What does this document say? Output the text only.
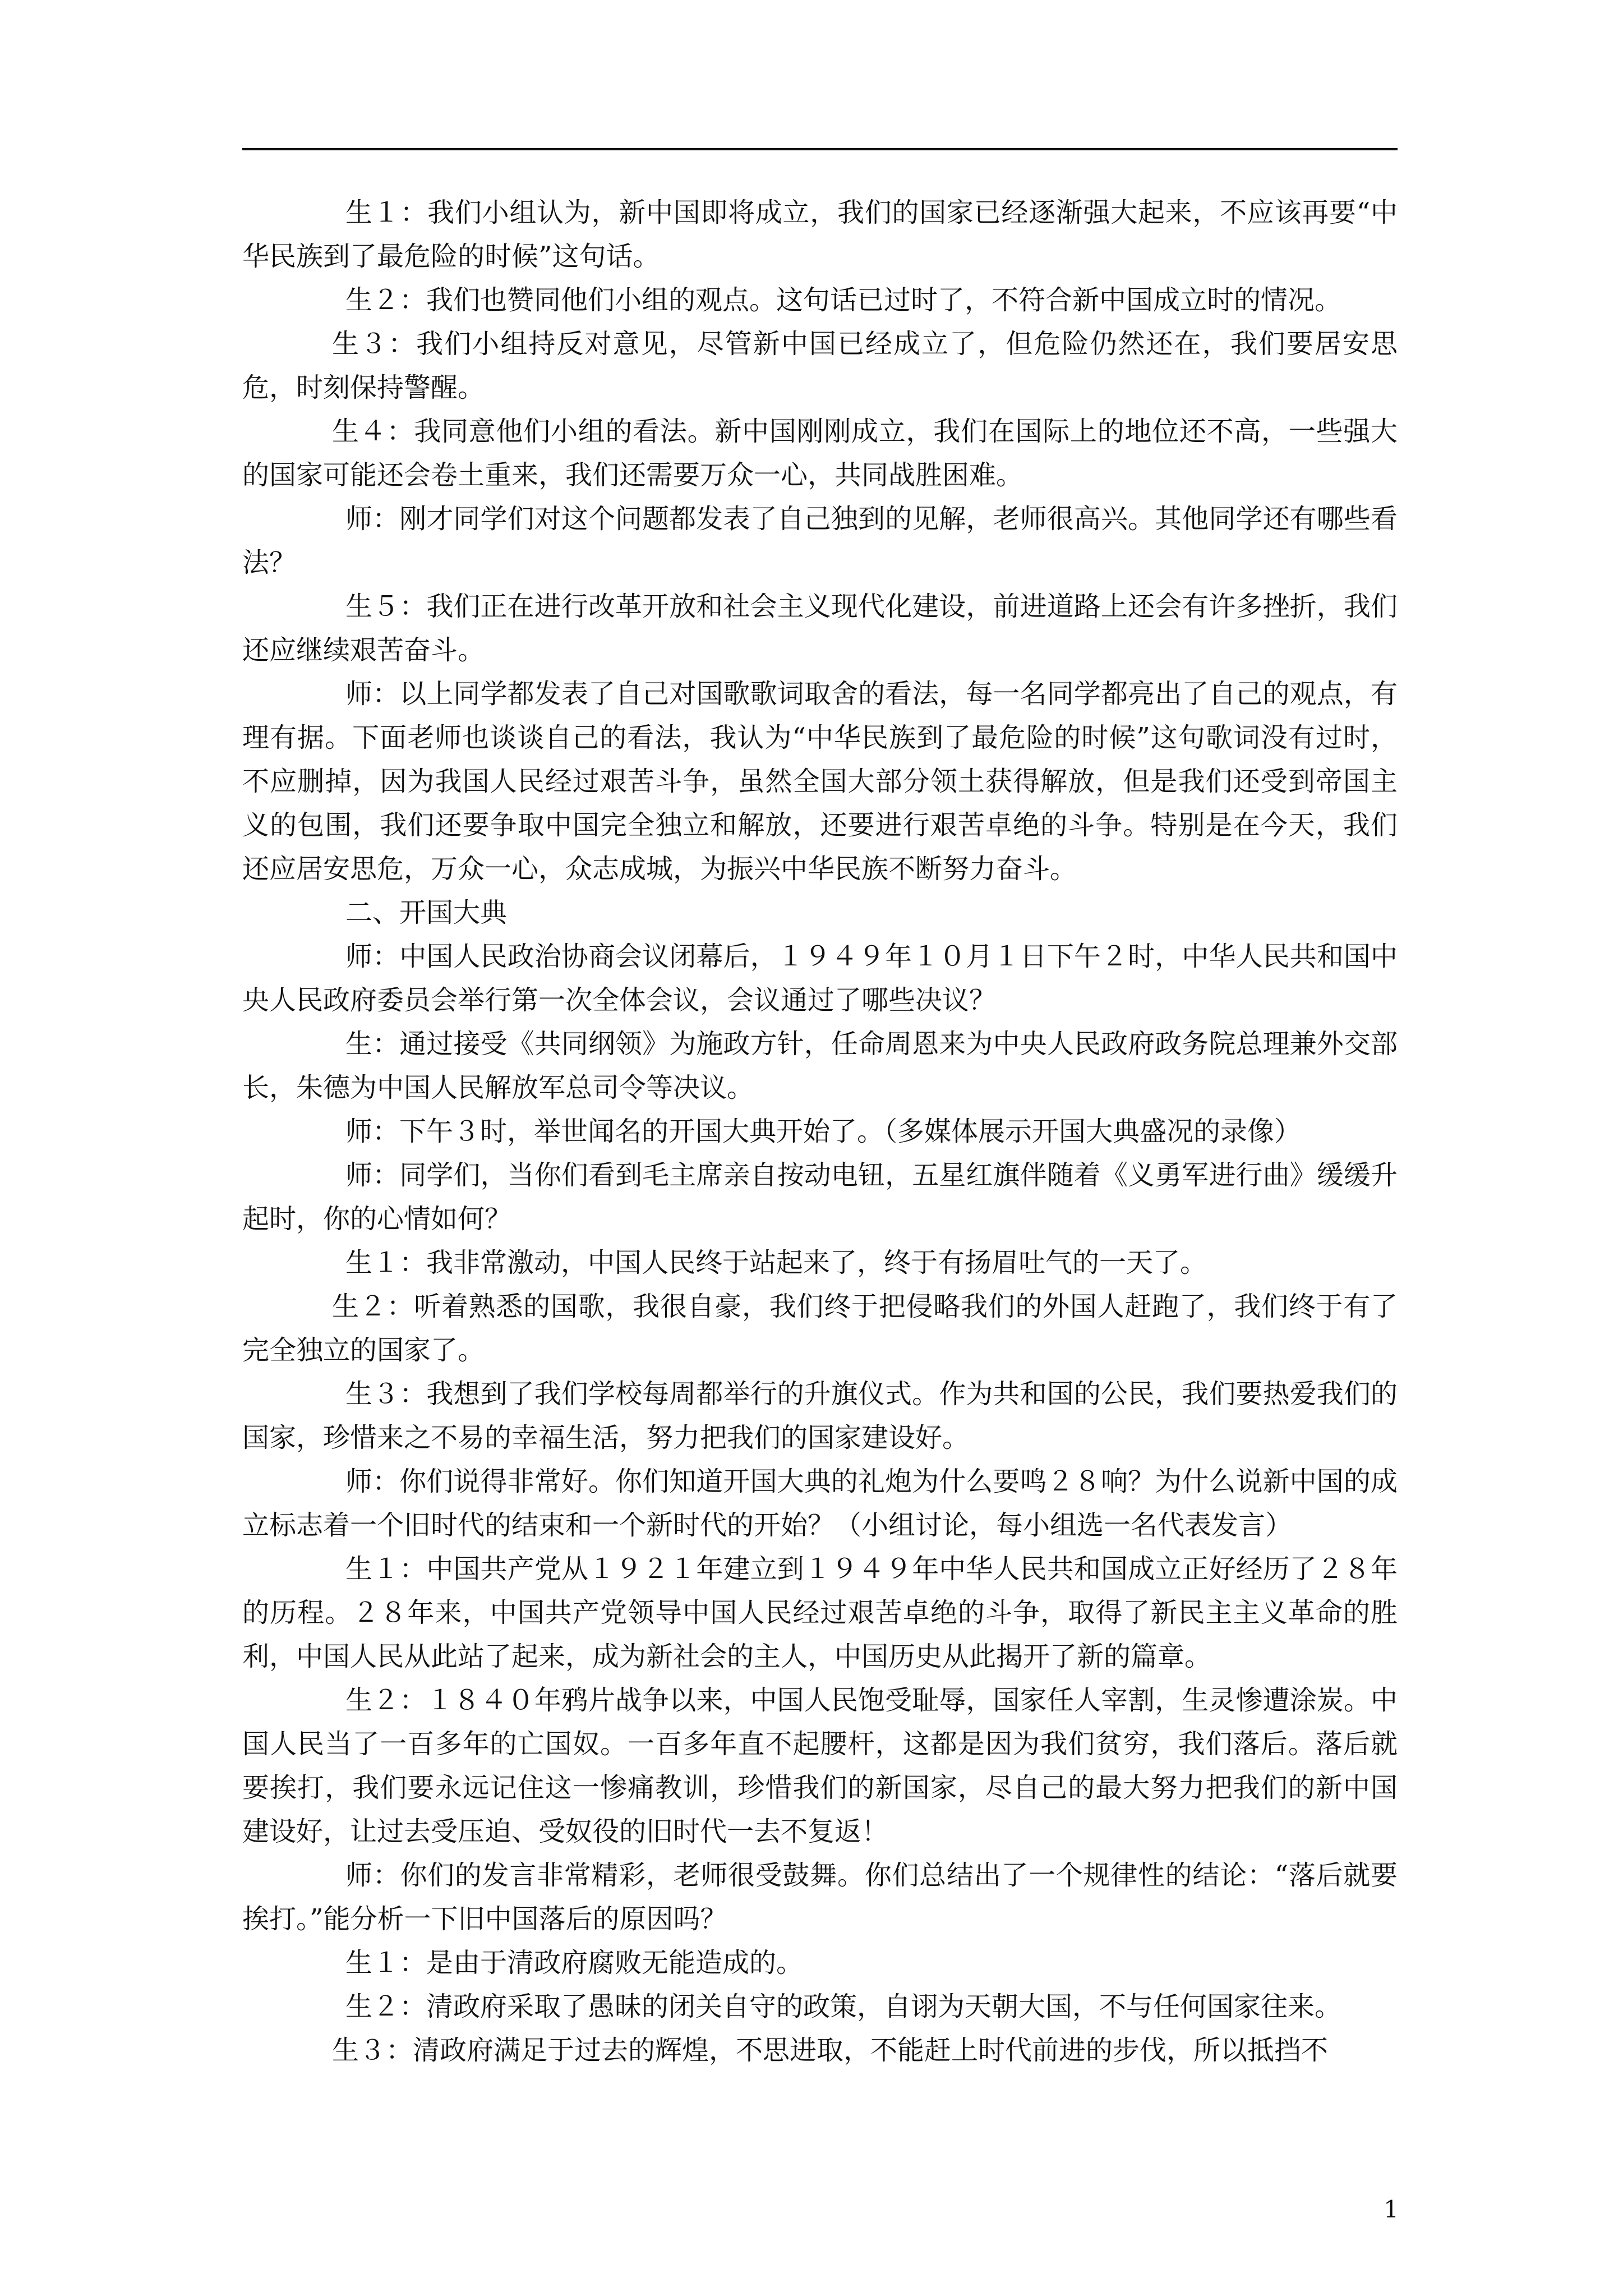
生１：我们小组认为，新中国即将成立，我们的国家已经逐渐强大起来，不应该再要“中华民族到了最危险的时候”这句话。

生２：我们也赞同他们小组的观点。这句话已过时了，不符合新中国成立时的情况。

生３：我们小组持反对意见，尽管新中国已经成立了，但危险仍然还在，我们要居安思危，时刻保持警醒。

生４：我同意他们小组的看法。新中国刚刚成立，我们在国际上的地位还不高，一些强大的国家可能还会卷土重来，我们还需要万众一心，共同战胜困难。

师：刚才同学们对这个问题都发表了自己独到的见解，老师很高兴。其他同学还有哪些看法？

生５：我们正在进行改革开放和社会主义现代化建设，前进道路上还会有许多挫折，我们还应继续艰苦奋斗。

师：以上同学都发表了自己对国歌歌词取舍的看法，每一名同学都亮出了自己的观点，有理有据。下面老师也谈谈自己的看法，我认为“中华民族到了最危险的时候”这句歌词没有过时，不应删掉，因为我国人民经过艰苦斗争，虽然全国大部分领土获得解放，但是我们还受到帝国主义的包围，我们还要争取中国完全独立和解放，还要进行艰苦卓绝的斗争。特别是在今天，我们还应居安思危，万众一心，众志成城，为振兴中华民族不断努力奋斗。

二、开国大典

师：中国人民政治协商会议闭幕后，１９４９年１０月１日下午２时，中华人民共和国中央人民政府委员会举行第一次全体会议，会议通过了哪些决议？

生：通过接受《共同纲领》为施政方针，任命周恩来为中央人民政府政务院总理兼外交部长，朱德为中国人民解放军总司令等决议。

师：下午３时，举世闻名的开国大典开始了。（多媒体展示开国大典盛况的录像）

师：同学们，当你们看到毛主席亲自按动电钮，五星红旗伴随着《义勇军进行曲》缓缓升起时，你的心情如何？

生１：我非常激动，中国人民终于站起来了，终于有扬眉吐气的一天了。

生２：听着熟悉的国歌，我很自豪，我们终于把侵略我们的外国人赶跑了，我们终于有了完全独立的国家了。

生３：我想到了我们学校每周都举行的升旗仪式。作为共和国的公民，我们要热爱我们的国家，珍惜来之不易的幸福生活，努力把我们的国家建设好。

师：你们说得非常好。你们知道开国大典的礼炮为什么要鸣２８响？为什么说新中国的成立标志着一个旧时代的结束和一个新时代的开始？（小组讨论，每小组选一名代表发言）

生１：中国共产党从１９２１年建立到１９４９年中华人民共和国成立正好经历了２８年的历程。２８年来，中国共产党领导中国人民经过艰苦卓绝的斗争，取得了新民主主义革命的胜利，中国人民从此站了起来，成为新社会的主人，中国历史从此揭开了新的篇章。

生２：１８４０年鸦片战争以来，中国人民饱受耻辱，国家任人宰割，生灵惨遭涂炭。中国人民当了一百多年的亡国奴。一百多年直不起腰杆，这都是因为我们贫穷，我们落后。落后就要挨打，我们要永远记住这一惨痛教训，珍惜我们的新国家，尽自己的最大努力把我们的新中国建设好，让过去受压迫、受奴役的旧时代一去不复返！

师：你们的发言非常精彩，老师很受鼓舞。你们总结出了一个规律性的结论：“落后就要挨打。”能分析一下旧中国落后的原因吗？

生１：是由于清政府腐败无能造成的。

生２：清政府采取了愚昧的闭关自守的政策，自诩为天朝大国，不与任何国家往来。

生３：清政府满足于过去的辉煌，不思进取，不能赶上时代前进的步伐，所以抵挡不

1
